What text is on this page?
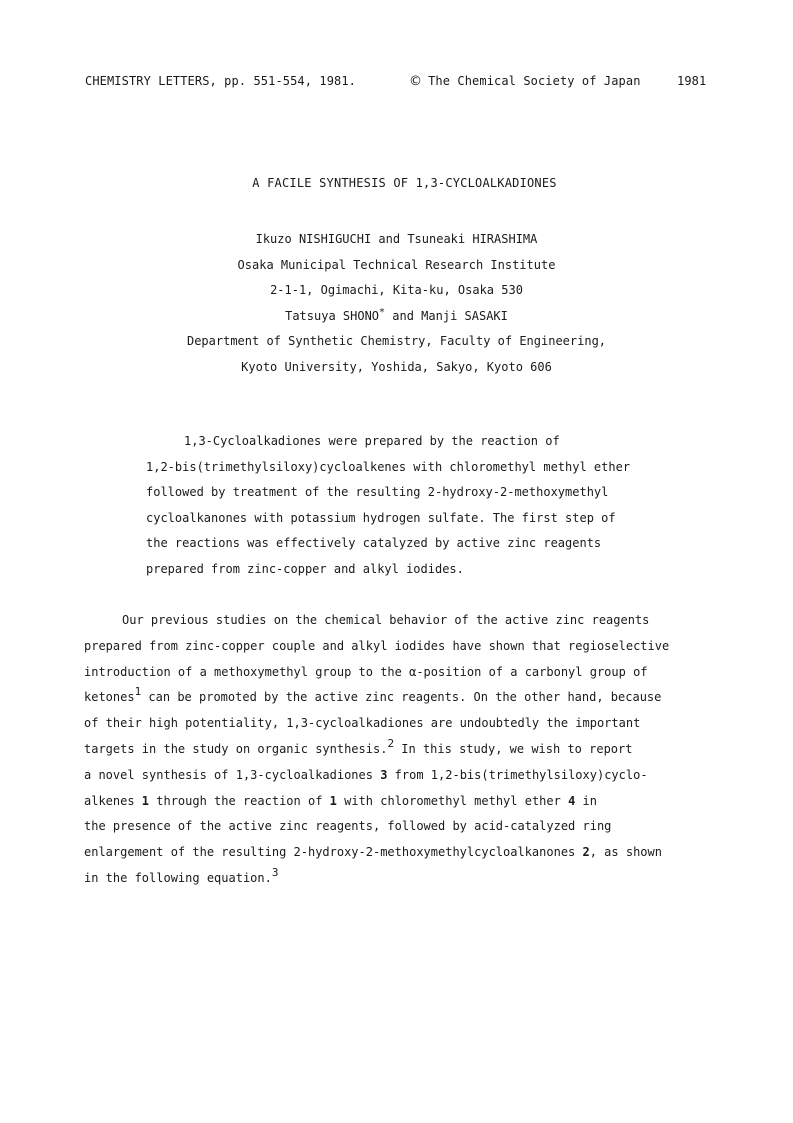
CHEMISTRY LETTERS, pp. 551-554, 1981.	© The Chemical Society of Japan	1981
A FACILE SYNTHESIS OF 1,3-CYCLOALKADIONES
Ikuzo NISHIGUCHI and Tsuneaki HIRASHIMA
Osaka Municipal Technical Research Institute
2-1-1, Ogimachi, Kita-ku, Osaka 530
Tatsuya SHONO* and Manji SASAKI
Department of Synthetic Chemistry, Faculty of Engineering,
Kyoto University, Yoshida, Sakyo, Kyoto 606
1,3-Cycloalkadiones were prepared by the reaction of
1,2-bis(trimethylsiloxy)cycloalkenes with chloromethyl methyl ether
followed by treatment of the resulting 2-hydroxy-2-methoxymethyl
cycloalkanones with potassium hydrogen sulfate. The first step of
the reactions was effectively catalyzed by active zinc reagents
prepared from zinc-copper and alkyl iodides.
Our previous studies on the chemical behavior of the active zinc reagents
prepared from zinc-copper couple and alkyl iodides have shown that regioselective
introduction of a methoxymethyl group to the α-position of a carbonyl group of
ketones$^1$ can be promoted by the active zinc reagents. On the other hand, because
of their high potentiality, 1,3-cycloalkadiones are undoubtedly the important
targets in the study on organic synthesis.$^2$ In this study, we wish to report
a novel synthesis of 1,3-cycloalkadiones 3 from 1,2-bis(trimethylsiloxy)cyclo-
alkenes 1 through the reaction of 1 with chloromethyl methyl ether 4 in
the presence of the active zinc reagents, followed by acid-catalyzed ring
enlargement of the resulting 2-hydroxy-2-methoxymethylcycloalkanones 2, as shown
in the following equation.$^3$
